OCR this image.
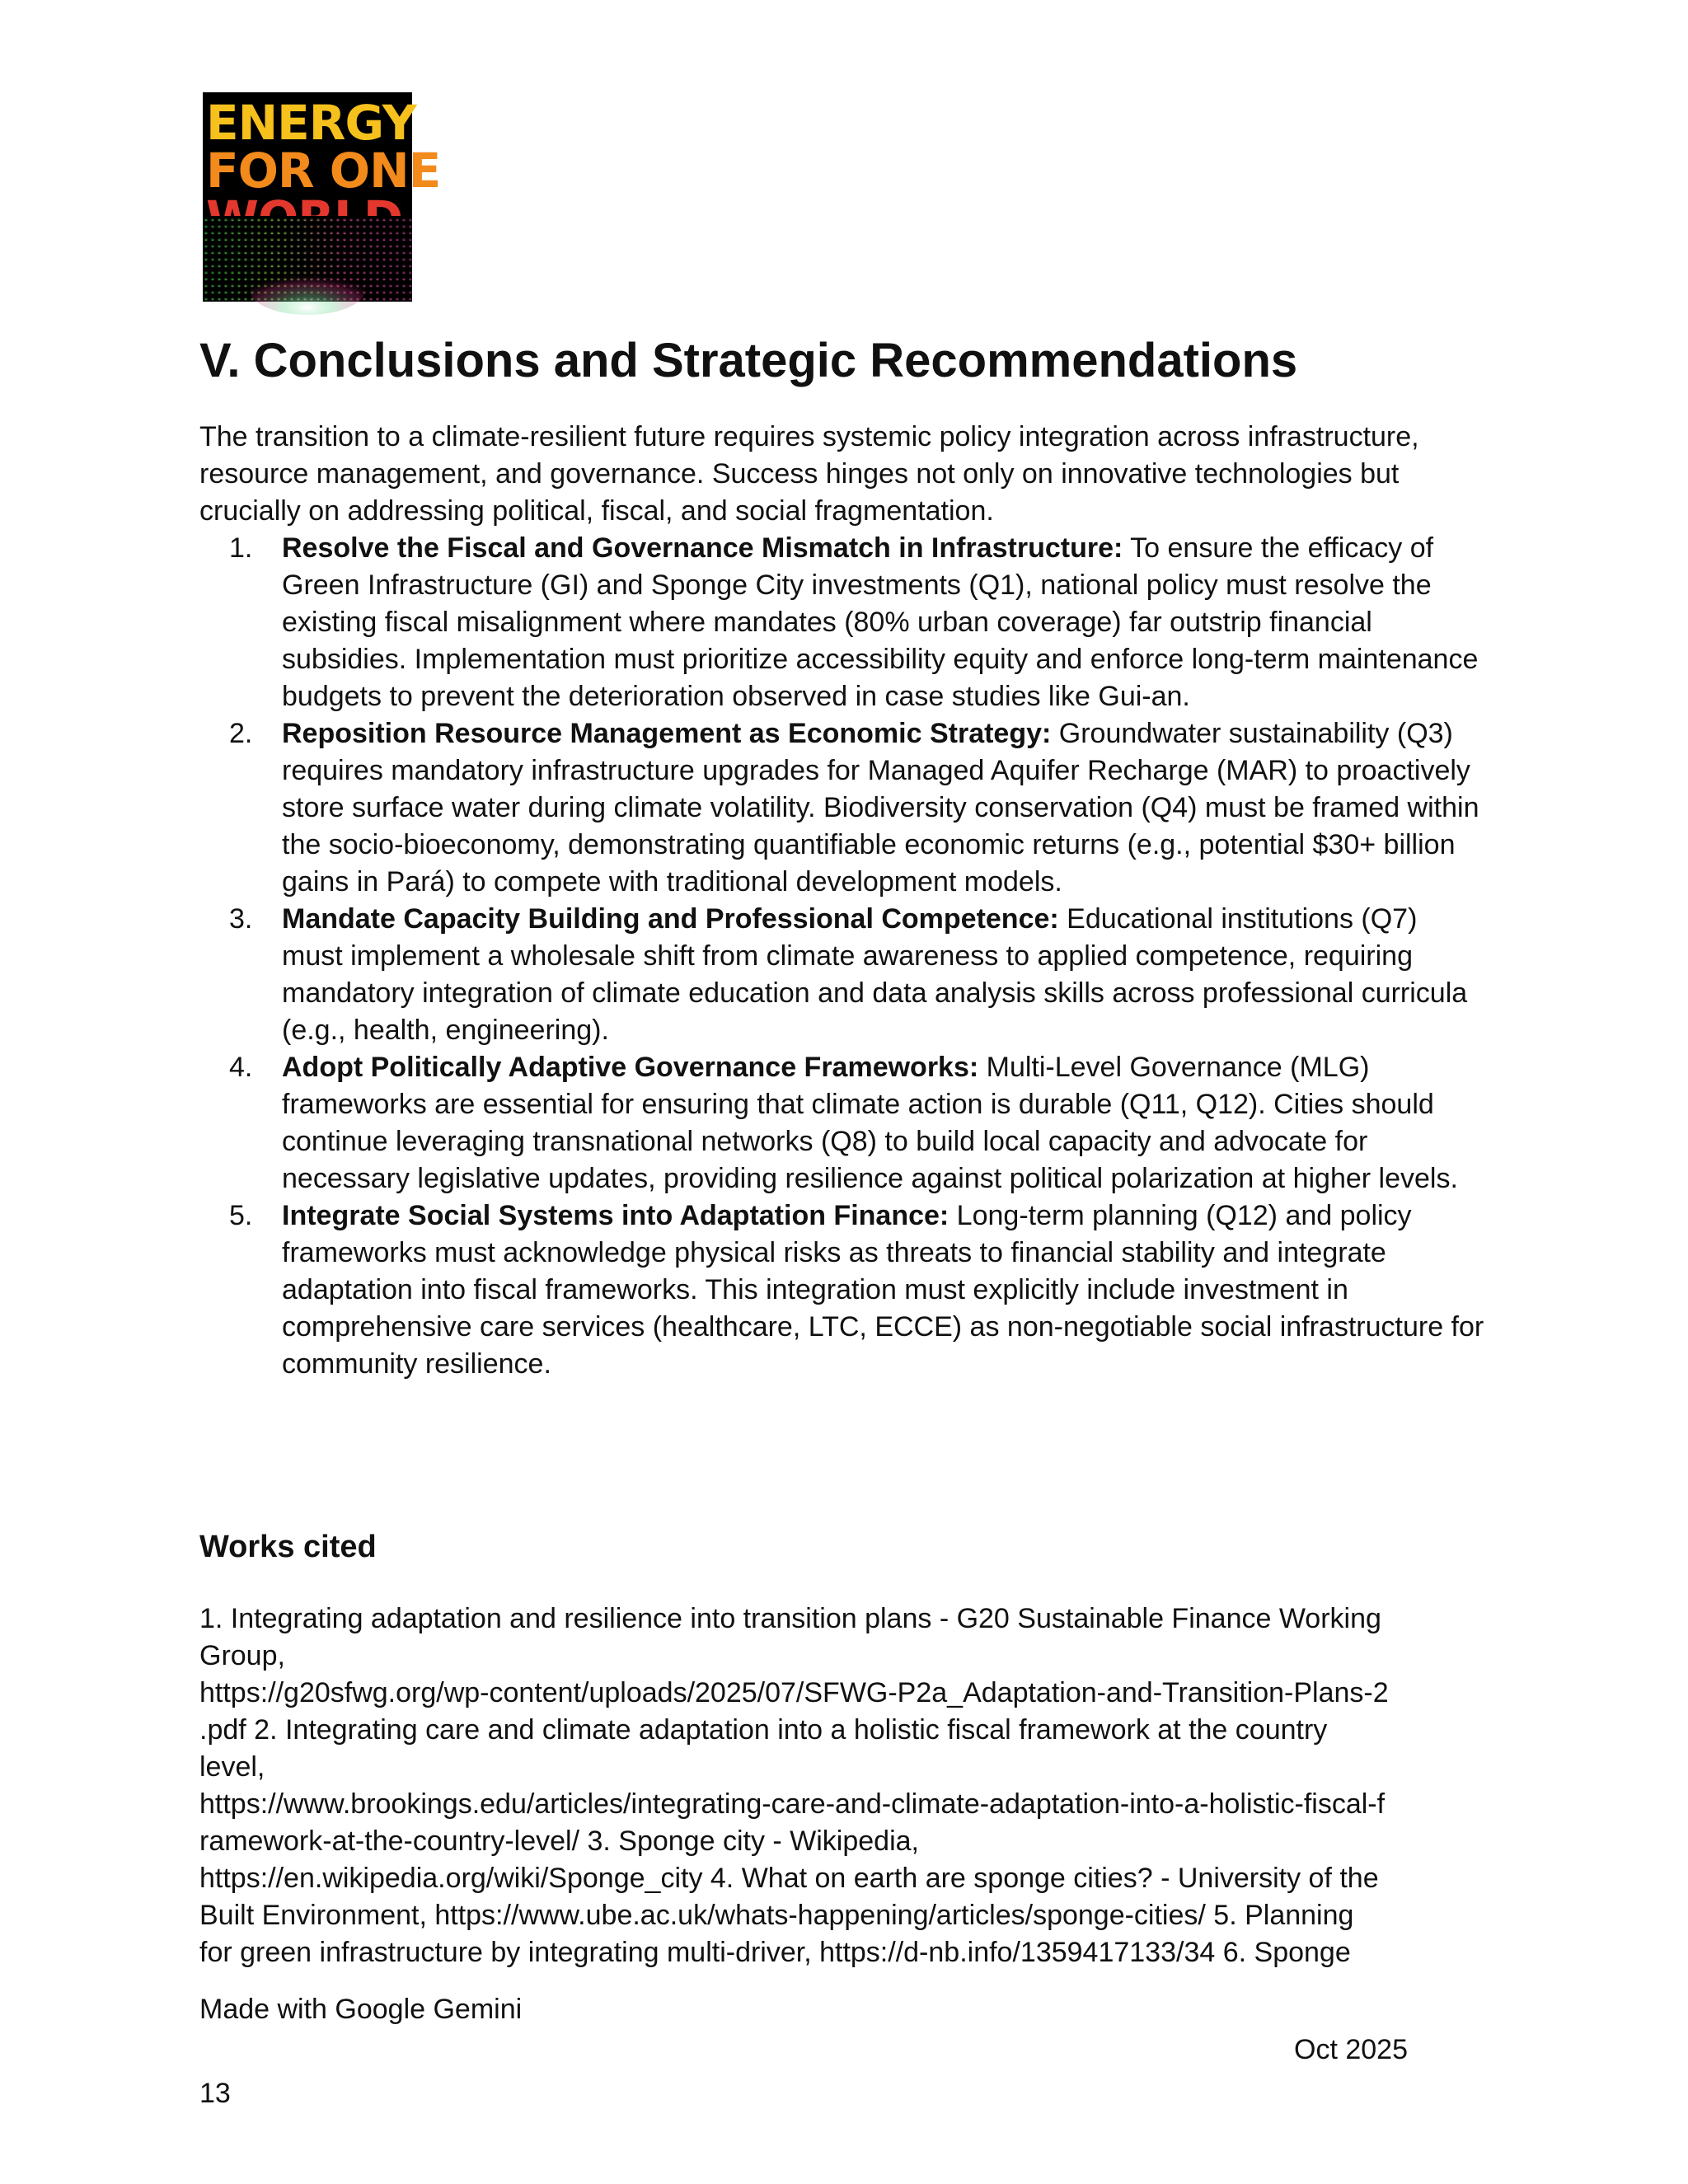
ENERGY
FOR ONE
V. Conclusions and Strategic Recommendations

The transition to a climate-resilient future requires systemic policy integration across infrastructure, resource management, and governance. Success hinges not only on innovative technologies but crucially on addressing political, fiscal, and social fragmentation.

1. Resolve the Fiscal and Governance Mismatch in Infrastructure: To ensure the efficacy of Green Infrastructure (GI) and Sponge City investments (Q1), national policy must resolve the existing fiscal misalignment where mandates (80% urban coverage) far outstrip financial subsidies. Implementation must prioritize accessibility equity and enforce long-term maintenance budgets to prevent the deterioration observed in case studies like Gui-an.
2. Reposition Resource Management as Economic Strategy: Groundwater sustainability (Q3) requires mandatory infrastructure upgrades for Managed Aquifer Recharge (MAR) to proactively store surface water during climate volatility. Biodiversity conservation (Q4) must be framed within the socio-bioeconomy, demonstrating quantifiable economic returns (e.g., potential $30+ billion gains in Pará) to compete with traditional development models.
3. Mandate Capacity Building and Professional Competence: Educational institutions (Q7) must implement a wholesale shift from climate awareness to applied competence, requiring mandatory integration of climate education and data analysis skills across professional curricula (e.g., health, engineering).
4. Adopt Politically Adaptive Governance Frameworks: Multi-Level Governance (MLG) frameworks are essential for ensuring that climate action is durable (Q11, Q12). Cities should continue leveraging transnational networks (Q8) to build local capacity and advocate for necessary legislative updates, providing resilience against political polarization at higher levels.
5. Integrate Social Systems into Adaptation Finance: Long-term planning (Q12) and policy frameworks must acknowledge physical risks as threats to financial stability and integrate adaptation into fiscal frameworks. This integration must explicitly include investment in comprehensive care services (healthcare, LTC, ECCE) as non-negotiable social infrastructure for community resilience.
Works cited
1. Integrating adaptation and resilience into transition plans - G20 Sustainable Finance Working
Group,
https://g20sfwg.org/wp-content/uploads/2025/07/SFWG-P2a_Adaptation-and-Transition-Plans-2
.pdf 2. Integrating care and climate adaptation into a holistic fiscal framework at the country
level,
https://www.brookings.edu/articles/integrating-care-and-climate-adaptation-into-a-holistic-fiscal-f
ramework-at-the-country-level/ 3. Sponge city - Wikipedia,
https://en.wikipedia.org/wiki/Sponge_city 4. What on earth are sponge cities? - University of the
Built Environment, https://www.ube.ac.uk/whats-happening/articles/sponge-cities/ 5. Planning
for green infrastructure by integrating multi-driver, https://d-nb.info/1359417133/34 6. Sponge

Made with Google Gemini

Oct 2025

13
